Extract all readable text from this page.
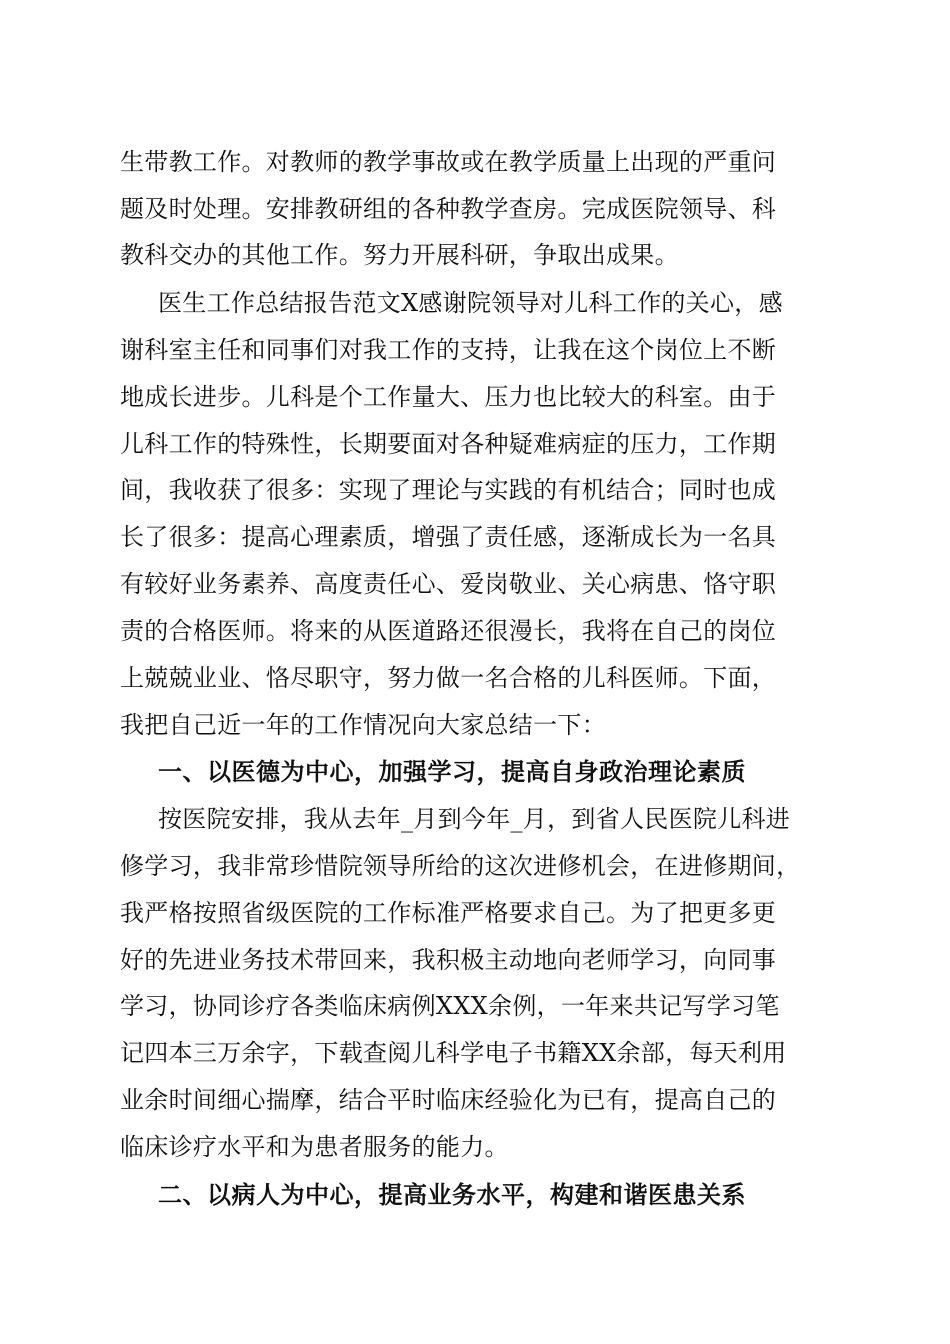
生带教工作。对教师的教学事故或在教学质量上出现的严重问
题及时处理。安排教研组的各种教学查房。完成医院领导、科
教科交办的其他工作。努力开展科研，争取出成果。
医生工作总结报告范文X感谢院领导对儿科工作的关心，感
谢科室主任和同事们对我工作的支持，让我在这个岗位上不断
地成长进步。儿科是个工作量大、压力也比较大的科室。由于
儿科工作的特殊性，长期要面对各种疑难病症的压力，工作期
间，我收获了很多：实现了理论与实践的有机结合；同时也成
长了很多：提高心理素质，增强了责任感，逐渐成长为一名具
有较好业务素养、高度责任心、爱岗敬业、关心病患、恪守职
责的合格医师。将来的从医道路还很漫长，我将在自己的岗位
上兢兢业业、恪尽职守，努力做一名合格的儿科医师。下面，
我把自己近一年的工作情况向大家总结一下：
一、以医德为中心，加强学习，提高自身政治理论素质
按医院安排，我从去年_月到今年_月，到省人民医院儿科进
修学习，我非常珍惜院领导所给的这次进修机会，在进修期间，
我严格按照省级医院的工作标准严格要求自己。为了把更多更
好的先进业务技术带回来，我积极主动地向老师学习，向同事
学习，协同诊疗各类临床病例XXX余例，一年来共记写学习笔
记四本三万余字，下载查阅儿科学电子书籍XX余部，每天利用
业余时间细心揣摩，结合平时临床经验化为已有，提高自己的
临床诊疗水平和为患者服务的能力。
二、以病人为中心，提高业务水平，构建和谐医患关系
